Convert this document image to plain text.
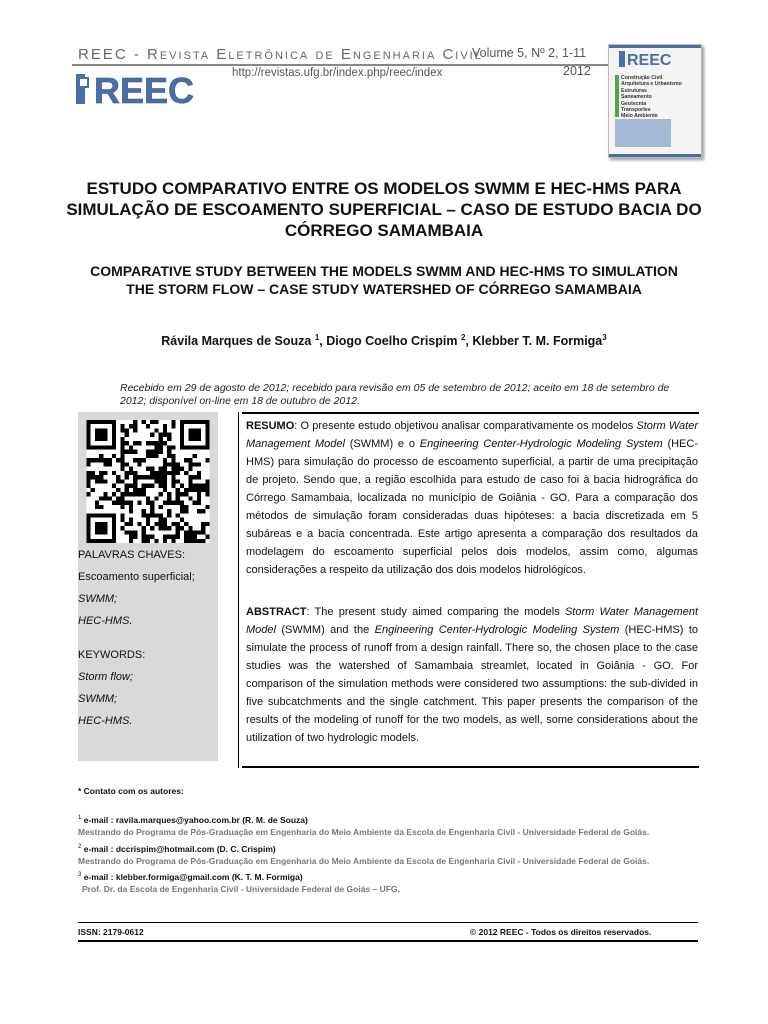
REEC - Revista Eletrônica de Engenharia Civil
Volume 5, Nº 2, 1-11
2012
http://revistas.ufg.br/index.php/reec/index
REEC
REEC
Construção Civil
Arquitetura e Urbanismo
Estruturas
Saneamento
Geotecnia
Transportes
Meio Ambiente
ESTUDO COMPARATIVO ENTRE OS MODELOS SWMM E HEC-HMS PARA SIMULAÇÃO DE ESCOAMENTO SUPERFICIAL – CASO DE ESTUDO BACIA DO CÓRREGO SAMAMBAIA
COMPARATIVE STUDY BETWEEN THE MODELS SWMM AND HEC-HMS TO SIMULATION THE STORM FLOW – CASE STUDY WATERSHED OF CÓRREGO SAMAMBAIA
Rávila Marques de Souza $^1$, Diogo Coelho Crispim $^2$, Klebber T. M. Formiga$^3$
Recebido em 29 de agosto de 2012; recebido para revisão em 05 de setembro de 2012; aceito em 18 de setembro de 2012; disponível on-line em 18 de outubro de 2012.
PALAVRAS CHAVES:
Escoamento superficial;
SWMM;
HEC-HMS.
KEYWORDS:
Storm flow;
SWMM;
HEC-HMS.
RESUMO: O presente estudo objetivou analisar comparativamente os modelos Storm Water Management Model (SWMM) e o Engineering Center-Hydrologic Modeling System (HEC-HMS) para simulação do processo de escoamento superficial, a partir de uma precipitação de projeto. Sendo que, a região escolhida para estudo de caso foi à bacia hidrográfica do Córrego Samambaia, localizada no município de Goiânia - GO. Para a comparação dos métodos de simulação foram consideradas duas hipóteses: a bacia discretizada em 5 subáreas e a bacia concentrada. Este artigo apresenta a comparação dos resultados da modelagem do escoamento superficial pelos dois modelos, assim como, algumas considerações a respeito da utilização dos dois modelos hidrológicos.
ABSTRACT: The present study aimed comparing the models Storm Water Management Model (SWMM) and the Engineering Center-Hydrologic Modeling System (HEC-HMS) to simulate the process of runoff from a design rainfall. There so, the chosen place to the case studies was the watershed of Samambaia streamlet, located in Goiânia - GO. For comparison of the simulation methods were considered two assumptions: the sub-divided in five subcatchments and the single catchment. This paper presents the comparison of the results of the modeling of runoff for the two models, as well, some considerations about the utilization of two hydrologic models.
* Contato com os autores:
$^1$ e-mail : ravila.marques@yahoo.com.br (R. M. de Souza)
Mestrando do Programa de Pós-Graduação em Engenharia do Meio Ambiente da Escola de Engenharia Civil - Universidade Federal de Goiás.
$^2$ e-mail : dccrispim@hotmail.com (D. C. Crispim)
Mestrando do Programa de Pós-Graduação em Engenharia do Meio Ambiente da Escola de Engenharia Civil - Universidade Federal de Goiás.
$^3$ e-mail : klebber.formiga@gmail.com (K. T. M. Formiga)
Prof. Dr. da Escola de Engenharia Civil - Universidade Federal de Goiás – UFG.
ISSN: 2179-0612	© 2012 REEC - Todos os direitos reservados.
